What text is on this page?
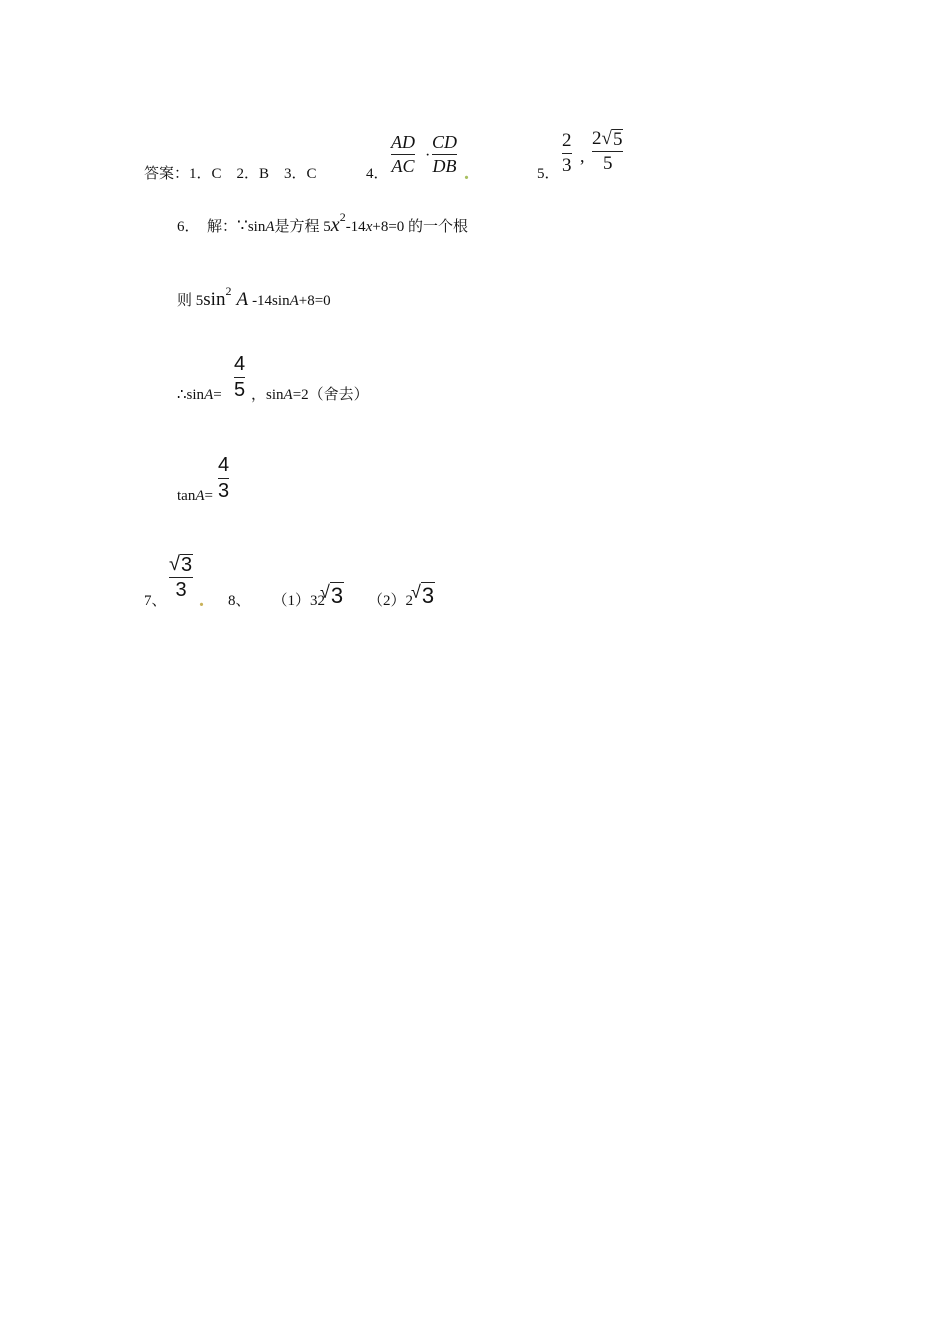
答案：1．C　2．B　3．C	4．
AD
AC
·
CD
DB .	5．
2
3 ,
2 √ 5
5
6．　解：∵sinA是方程 $5x^2-14x+8=0$ 的一个根
则 $5\sin^2$ A -14sinA+8=0
∴sinA=
4
5 ，sinA=2（舍去）
tanA=
4
3
7、
√ 3
3 . 8、 （1）32
√ 3 （2）2
√ 3
